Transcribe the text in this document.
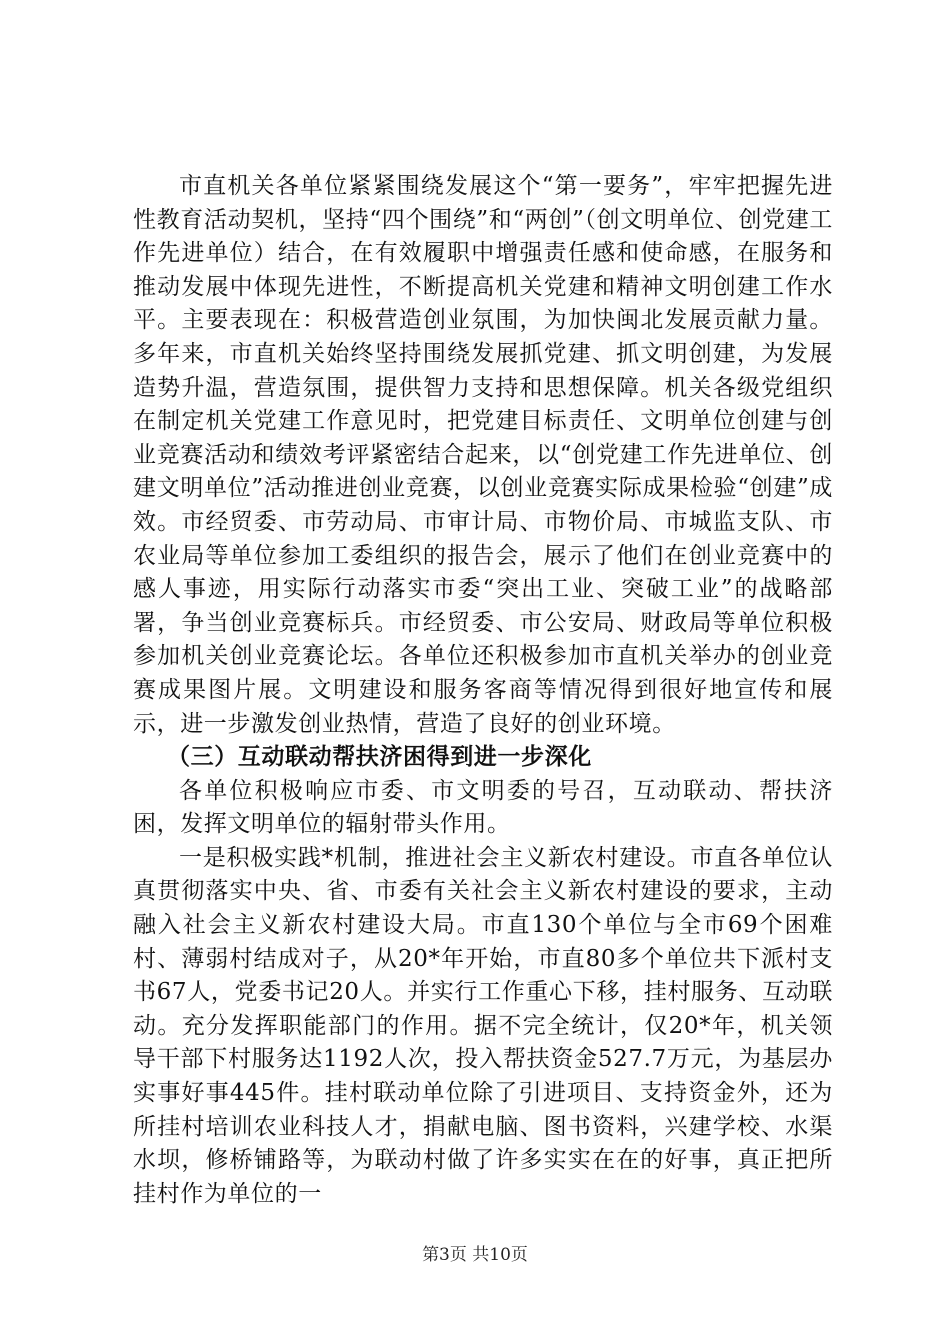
市直机关各单位紧紧围绕发展这个“第一要务”，牢牢把握先进性教育活动契机，坚持“四个围绕”和“两创”（创文明单位、创党建工作先进单位）结合，在有效履职中增强责任感和使命感，在服务和推动发展中体现先进性，不断提高机关党建和精神文明创建工作水平。主要表现在：积极营造创业氛围，为加快闽北发展贡献力量。多年来，市直机关始终坚持围绕发展抓党建、抓文明创建，为发展造势升温，营造氛围，提供智力支持和思想保障。机关各级党组织在制定机关党建工作意见时，把党建目标责任、文明单位创建与创业竞赛活动和绩效考评紧密结合起来，以“创党建工作先进单位、创建文明单位”活动推进创业竞赛，以创业竞赛实际成果检验“创建”成效。市经贸委、市劳动局、市审计局、市物价局、市城监支队、市农业局等单位参加工委组织的报告会，展示了他们在创业竞赛中的感人事迹，用实际行动落实市委“突出工业、突破工业”的战略部署，争当创业竞赛标兵。市经贸委、市公安局、财政局等单位积极参加机关创业竞赛论坛。各单位还积极参加市直机关举办的创业竞赛成果图片展。文明建设和服务客商等情况得到很好地宣传和展示，进一步激发创业热情，营造了良好的创业环境。

（三）互动联动帮扶济困得到进一步深化

各单位积极响应市委、市文明委的号召，互动联动、帮扶济困，发挥文明单位的辐射带头作用。

一是积极实践*机制，推进社会主义新农村建设。市直各单位认真贯彻落实中央、省、市委有关社会主义新农村建设的要求，主动融入社会主义新农村建设大局。市直130个单位与全市69个困难村、薄弱村结成对子，从20*年开始，市直80多个单位共下派村支书67人，党委书记20人。并实行工作重心下移，挂村服务、互动联动。充分发挥职能部门的作用。据不完全统计，仅20*年，机关领导干部下村服务达1192人次，投入帮扶资金527.7万元，为基层办实事好事445件。挂村联动单位除了引进项目、支持资金外，还为所挂村培训农业科技人才，捐献电脑、图书资料，兴建学校、水渠水坝，修桥铺路等，为联动村做了许多实实在在的好事，真正把所挂村作为单位的一

第3页 共10页
